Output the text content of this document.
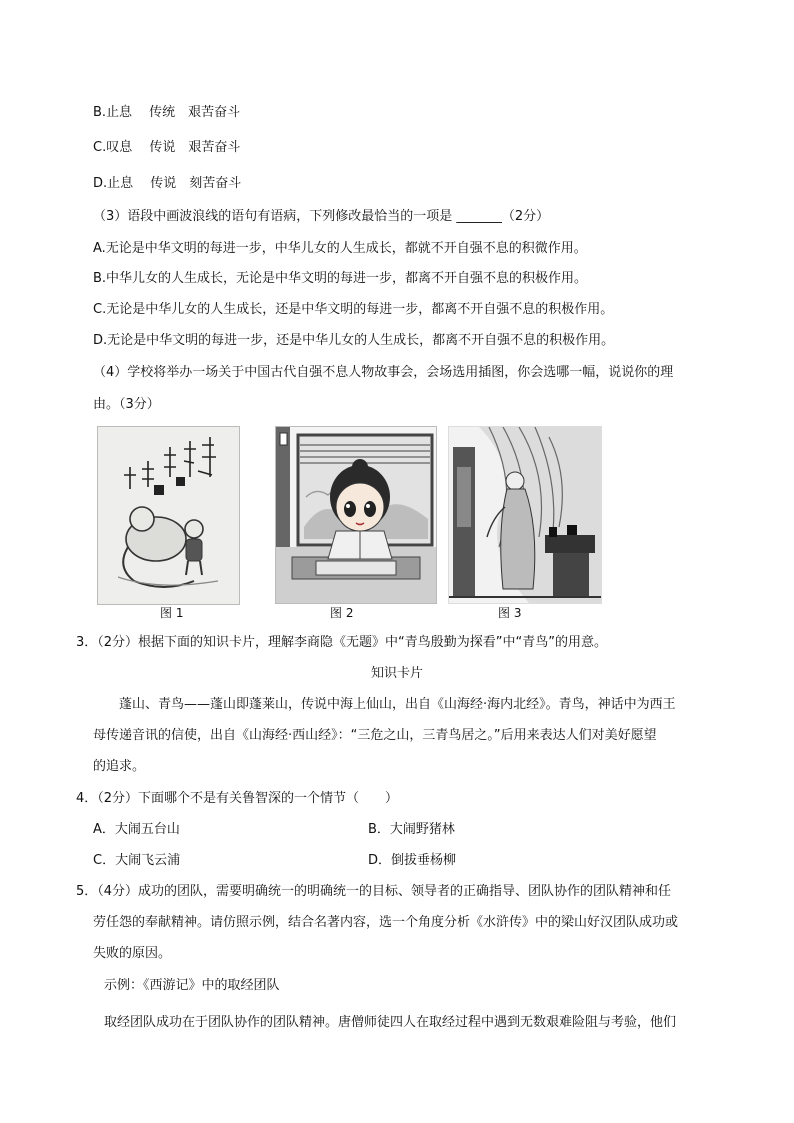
B.止息　 传统　艰苦奋斗
C.叹息　 传说　艰苦奋斗
D.止息　 传说　刻苦奋斗
（3）语段中画波浪线的语句有语病，下列修改最恰当的一项是 _______（2分）
A.无论是中华文明的每进一步，中华儿女的人生成长，都就不开自强不息的积微作用。
B.中华儿女的人生成长，无论是中华文明的每进一步，都离不开自强不息的积极作用。
C.无论是中华儿女的人生成长，还是中华文明的每进一步，都离不开自强不息的积极作用。
D.无论是中华文明的每进一步，还是中华儿女的人生成长，都离不开自强不息的积极作用。
（4）学校将举办一场关于中国古代自强不息人物故事会，会场选用插图，你会选哪一幅，说说你的理
由。（3分）
图 1	图 2	图 3
3．（2分）根据下面的知识卡片，理解李商隐《无题》中“青鸟殷勤为探看”中“青鸟”的用意。
知识卡片
蓬山、青鸟——蓬山即蓬莱山，传说中海上仙山，出自《山海经·海内北经》。青鸟，神话中为西王
母传递音讯的信使，出自《山海经·西山经》：“三危之山，三青鸟居之。”后用来表达人们对美好愿望
的追求。
4．（2分）下面哪个不是有关鲁智深的一个情节（　　）
A．大闹五台山	B．大闹野猪林
C．大闹飞云浦	D．倒拔垂杨柳
5．（4分）成功的团队，需要明确统一的明确统一的目标、领导者的正确指导、团队协作的团队精神和任
劳任怨的奉献精神。请仿照示例，结合名著内容，选一个角度分析《水浒传》中的梁山好汉团队成功或
失败的原因。
示例：《西游记》中的取经团队
取经团队成功在于团队协作的团队精神。唐僧师徒四人在取经过程中遇到无数艰难险阻与考验，他们
